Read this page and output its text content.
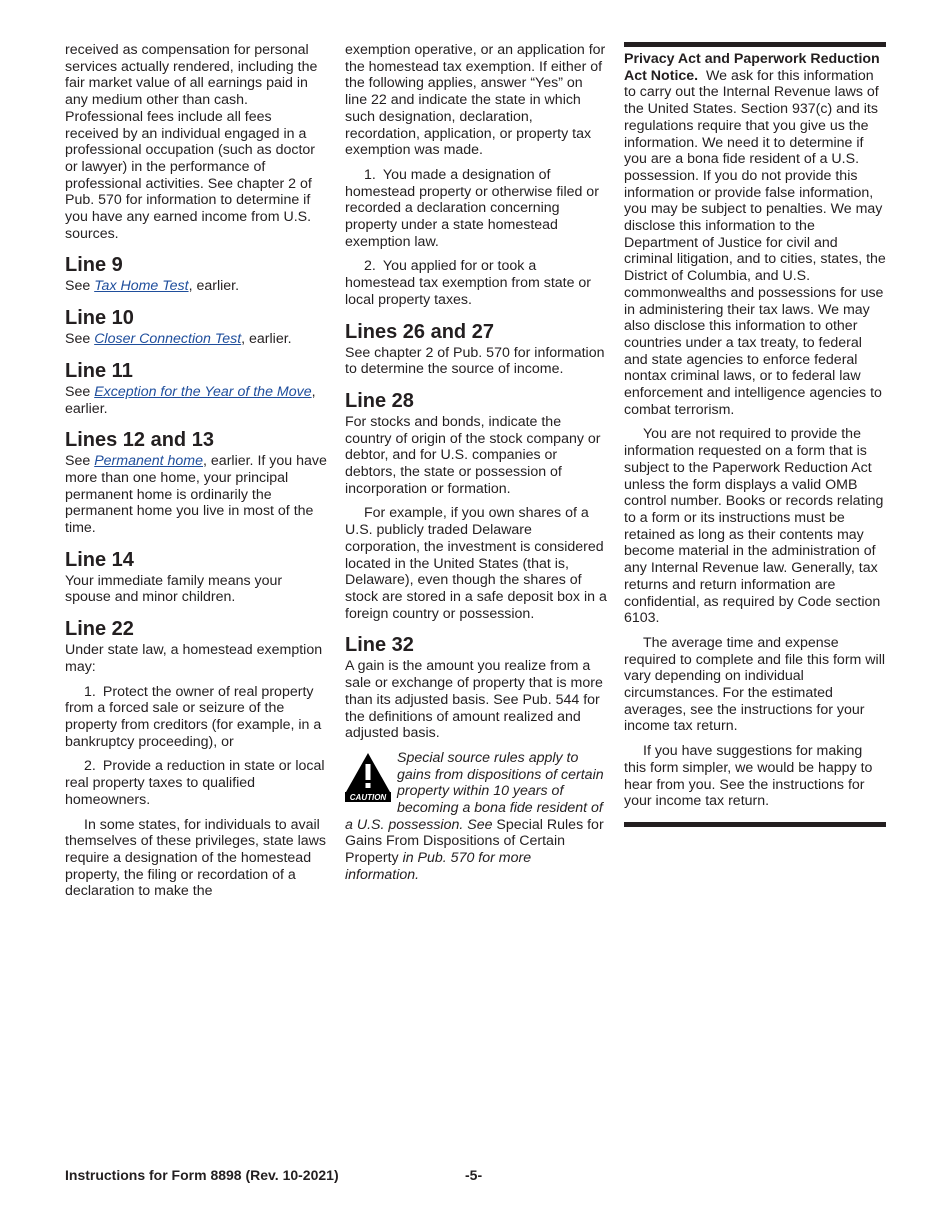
received as compensation for personal services actually rendered, including the fair market value of all earnings paid in any medium other than cash. Professional fees include all fees received by an individual engaged in a professional occupation (such as doctor or lawyer) in the performance of professional activities. See chapter 2 of Pub. 570 for information to determine if you have any earned income from U.S. sources.

Line 9

See Tax Home Test, earlier.

Line 10

See Closer Connection Test, earlier.

Line 11

See Exception for the Year of the Move, earlier.

Lines 12 and 13

See Permanent home, earlier. If you have more than one home, your principal permanent home is ordinarily the permanent home you live in most of the time.

Line 14

Your immediate family means your spouse and minor children.

Line 22

Under state law, a homestead exemption may:

1. Protect the owner of real property from a forced sale or seizure of the property from creditors (for example, in a bankruptcy proceeding), or

2. Provide a reduction in state or local real property taxes to qualified homeowners.

In some states, for individuals to avail themselves of these privileges, state laws require a designation of the homestead property, the filing or recordation of a declaration to make the

exemption operative, or an application for the homestead tax exemption. If either of the following applies, answer “Yes” on line 22 and indicate the state in which such designation, declaration, recordation, application, or property tax exemption was made.

1. You made a designation of homestead property or otherwise filed or recorded a declaration concerning property under a state homestead exemption law.

2. You applied for or took a homestead tax exemption from state or local property taxes.

Lines 26 and 27

See chapter 2 of Pub. 570 for information to determine the source of income.

Line 28

For stocks and bonds, indicate the country of origin of the stock company or debtor, and for U.S. companies or debtors, the state or possession of incorporation or formation.

For example, if you own shares of a U.S. publicly traded Delaware corporation, the investment is considered located in the United States (that is, Delaware), even though the shares of stock are stored in a safe deposit box in a foreign country or possession.

Line 32

A gain is the amount you realize from a sale or exchange of property that is more than its adjusted basis. See Pub. 544 for the definitions of amount realized and adjusted basis.

CAUTION
Special source rules apply to gains from dispositions of certain property within 10 years of becoming a bona fide resident of a U.S. possession. See Special Rules for Gains From Dispositions of Certain Property in Pub. 570 for more information.

Privacy Act and Paperwork Reduction Act Notice. We ask for this information to carry out the Internal Revenue laws of the United States. Section 937(c) and its regulations require that you give us the information. We need it to determine if you are a bona fide resident of a U.S. possession. If you do not provide this information or provide false information, you may be subject to penalties. We may disclose this information to the Department of Justice for civil and criminal litigation, and to cities, states, the District of Columbia, and U.S. commonwealths and possessions for use in administering their tax laws. We may also disclose this information to other countries under a tax treaty, to federal and state agencies to enforce federal nontax criminal laws, or to federal law enforcement and intelligence agencies to combat terrorism.

You are not required to provide the information requested on a form that is subject to the Paperwork Reduction Act unless the form displays a valid OMB control number. Books or records relating to a form or its instructions must be retained as long as their contents may become material in the administration of any Internal Revenue law. Generally, tax returns and return information are confidential, as required by Code section 6103.

The average time and expense required to complete and file this form will vary depending on individual circumstances. For the estimated averages, see the instructions for your income tax return.

If you have suggestions for making this form simpler, we would be happy to hear from you. See the instructions for your income tax return.

Instructions for Form 8898 (Rev. 10-2021)	-5-
